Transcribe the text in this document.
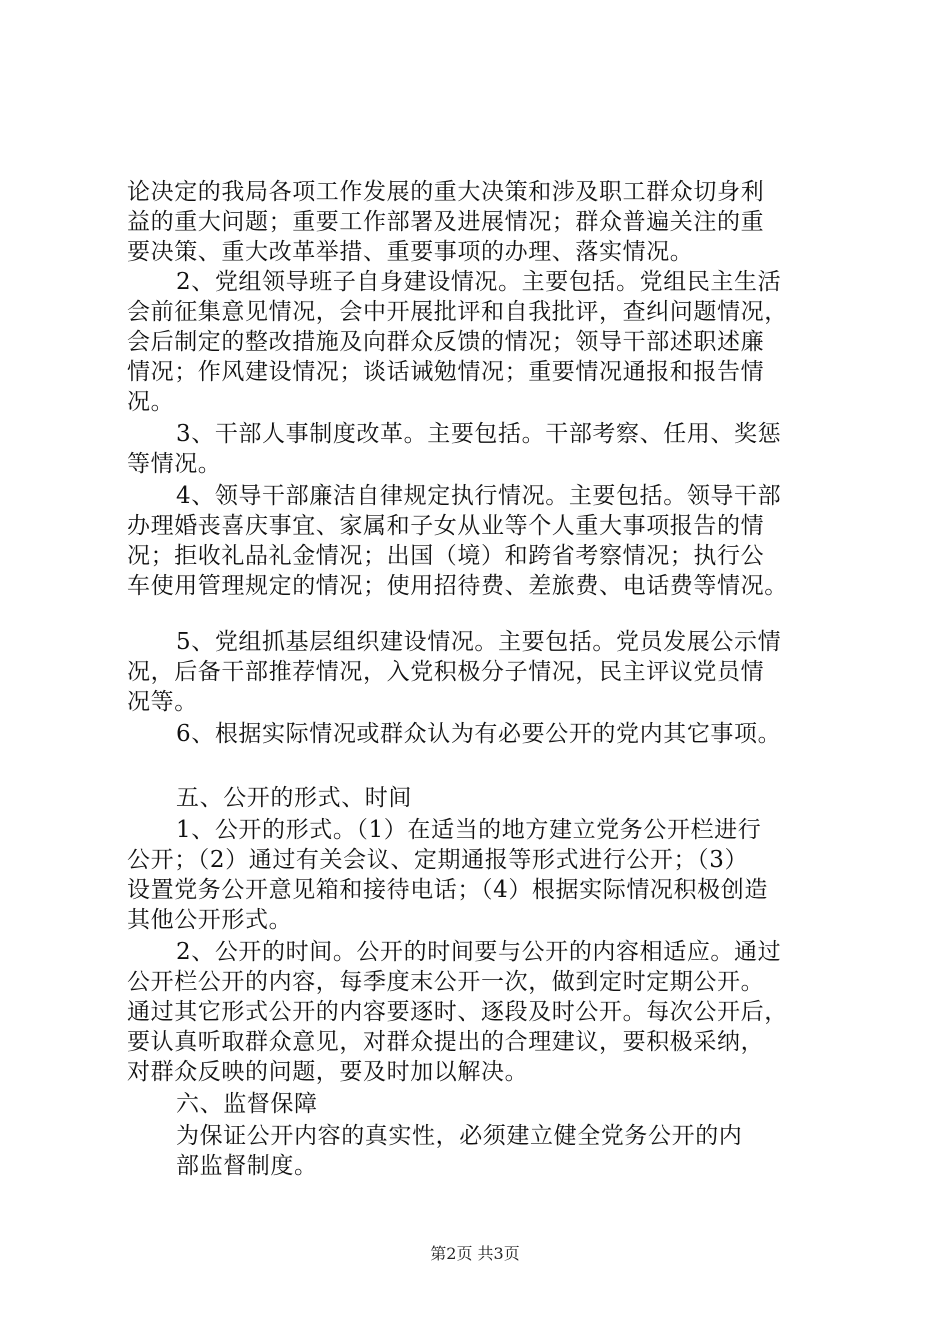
论决定的我局各项工作发展的重大决策和涉及职工群众切身利
益的重大问题；重要工作部署及进展情况；群众普遍关注的重
要决策、重大改革举措、重要事项的办理、落实情况。
2、党组领导班子自身建设情况。主要包括。党组民主生活
会前征集意见情况，会中开展批评和自我批评，查纠问题情况，
会后制定的整改措施及向群众反馈的情况；领导干部述职述廉
情况；作风建设情况；谈话诫勉情况；重要情况通报和报告情
况。
3、干部人事制度改革。主要包括。干部考察、任用、奖惩
等情况。
4、领导干部廉洁自律规定执行情况。主要包括。领导干部
办理婚丧喜庆事宜、家属和子女从业等个人重大事项报告的情
况；拒收礼品礼金情况；出国（境）和跨省考察情况；执行公
车使用管理规定的情况；使用招待费、差旅费、电话费等情况。
5、党组抓基层组织建设情况。主要包括。党员发展公示情
况，后备干部推荐情况，入党积极分子情况，民主评议党员情
况等。
6、根据实际情况或群众认为有必要公开的党内其它事项。
五、公开的形式、时间
1、公开的形式。（1）在适当的地方建立党务公开栏进行
公开；（2）通过有关会议、定期通报等形式进行公开；（3）
设置党务公开意见箱和接待电话；（4）根据实际情况积极创造
其他公开形式。
2、公开的时间。公开的时间要与公开的内容相适应。通过
公开栏公开的内容，每季度末公开一次，做到定时定期公开。
通过其它形式公开的内容要逐时、逐段及时公开。每次公开后，
要认真听取群众意见，对群众提出的合理建议，要积极采纳，
对群众反映的问题，要及时加以解决。
六、监督保障
为保证公开内容的真实性，必须建立健全党务公开的内
部监督制度。
第2页 共3页
